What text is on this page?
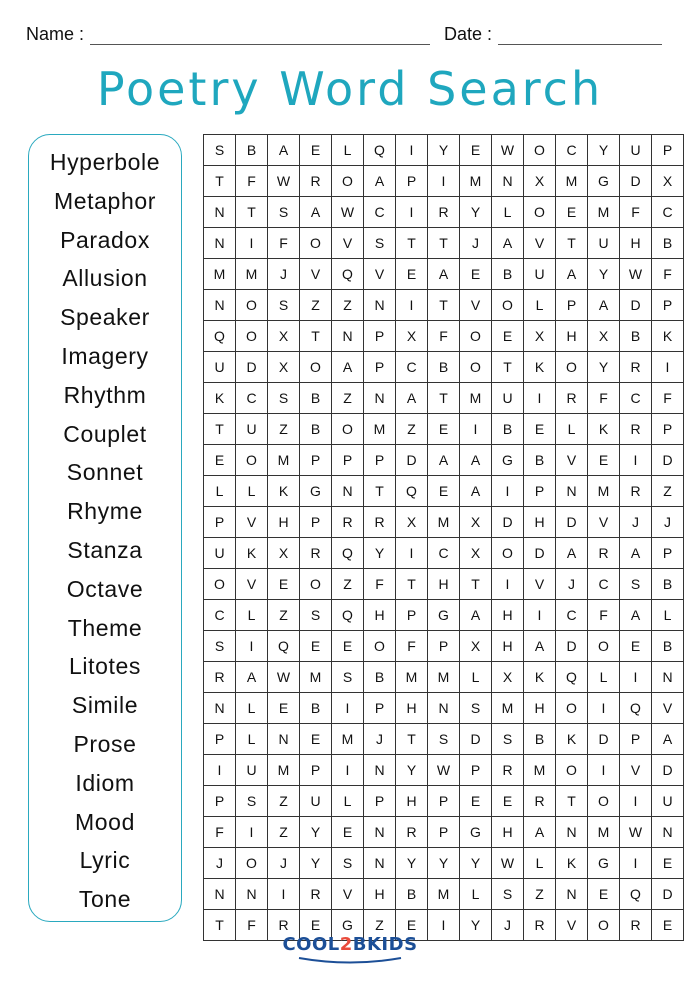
Name :	Date :
Poetry Word Search
Hyperbole
Metaphor
Paradox
Allusion
Speaker
Imagery
Rhythm
Couplet
Sonnet
Rhyme
Stanza
Octave
Theme
Litotes
Simile
Prose
Idiom
Mood
Lyric
Tone
S	B	A	E	L	Q	I	Y	E	W	O	C	Y	U	P
T	F	W	R	O	A	P	I	M	N	X	M	G	D	X
N	T	S	A	W	C	I	R	Y	L	O	E	M	F	C
N	I	F	O	V	S	T	T	J	A	V	T	U	H	B
M	M	J	V	Q	V	E	A	E	B	U	A	Y	W	F
N	O	S	Z	Z	N	I	T	V	O	L	P	A	D	P
Q	O	X	T	N	P	X	F	O	E	X	H	X	B	K
U	D	X	O	A	P	C	B	O	T	K	O	Y	R	I
K	C	S	B	Z	N	A	T	M	U	I	R	F	C	F
T	U	Z	B	O	M	Z	E	I	B	E	L	K	R	P
E	O	M	P	P	P	D	A	A	G	B	V	E	I	D
L	L	K	G	N	T	Q	E	A	I	P	N	M	R	Z
P	V	H	P	R	R	X	M	X	D	H	D	V	J	J
U	K	X	R	Q	Y	I	C	X	O	D	A	R	A	P
O	V	E	O	Z	F	T	H	T	I	V	J	C	S	B
C	L	Z	S	Q	H	P	G	A	H	I	C	F	A	L
S	I	Q	E	E	O	F	P	X	H	A	D	O	E	B
R	A	W	M	S	B	M	M	L	X	K	Q	L	I	N
N	L	E	B	I	P	H	N	S	M	H	O	I	Q	V
P	L	N	E	M	J	T	S	D	S	B	K	D	P	A
I	U	M	P	I	N	Y	W	P	R	M	O	I	V	D
P	S	Z	U	L	P	H	P	E	E	R	T	O	I	U
F	I	Z	Y	E	N	R	P	G	H	A	N	M	W	N
J	O	J	Y	S	N	Y	Y	Y	W	L	K	G	I	E
N	N	I	R	V	H	B	M	L	S	Z	N	E	Q	D
T	F	R	E	G	Z	E	I	Y	J	R	V	O	R	E
COOL2BKIDS
